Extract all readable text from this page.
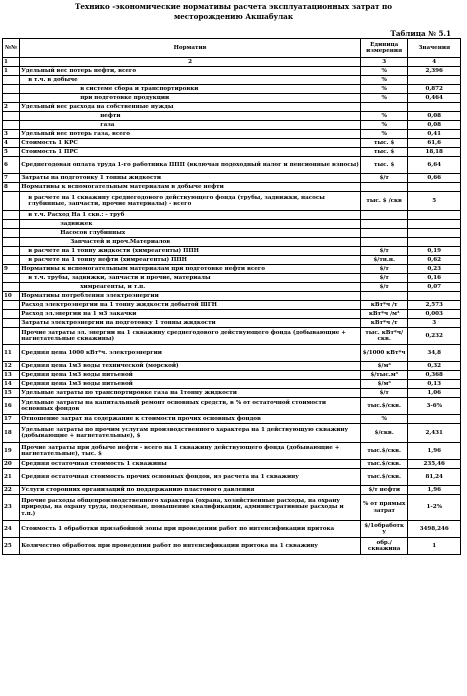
Технико -экономические нормативы расчета эксплуатационных затрат по
месторождению Акшабулак
Таблица № 5.1
№№	Норматив	Единица измерения	Значения
1	2	3	4
1	Удельный вес потерь нефти, всего	%	2,396
	в т.ч. в добыче	%	
	в системе сбора и транспортировки	%	0,872
	при подготовке продукции	%	0,464
2	Удельный вес расхода на собственные нужды		
	нефти	%	0,08
	газа	%	0,08
3	Удельный вес потерь газа, всего	%	0,41
4	Стоимость 1 КРС	тыс. $	61,6
5	Стоимость 1 ПРС	тыс. $	18,18
6	Среднегодовая оплата труда 1-го работника ППП (включая подоходный налог и пенсионные взносы)	тыс. $	6,64
7	Затраты на подготовку 1 тонны жидкости	$/т	0,66
8	Нормативы к вспомогательным материалам в добыче нефти		
	в расчете на 1 скважину среднегодового действующего фонда (трубы, задвижки, насосы глубинные, запчасти, прочие материалы) - всего	тыс. $ /скв	5
	в т.ч. Расход На 1 скв.: - труб		
	задвижек		
	Насосов глубинных		
	Запчастей и проч.Материалов		
	в расчете на 1 тонну жидкости (химреагенты) ППН	$/т	0,19
	в расчете на 1 тонну нефти (химреагенты) ППН	$/тн.н.	0,62
9	Нормативы к вспомогательным материалам при подготовке нефти всего	$/т	0,23
	в т.ч. трубы, задвижки, запчасти и прочие, материалы	$/т	0,16
	химреагенты, и т.п.	$/т	0,07
10	Нормативы потребления электроэнергии		
	Расход электроэнергии на 1 тонну жидкости добытой ШГН	кВт*ч /т	2,573
	Расход эл.энергии на 1 м3 закачки	кВт*ч /м³	0,003
	Затраты электроэнергии на подготовку 1 тонны жидкости	кВт*ч /т	3
	Прочие затраты эл. энергии на 1 скважину среднегодового действующего фонда (добывающие + нагнетательные скважины)	тыс. кВт*ч/скв.	0,232
11	Средняя цена 1000 кВт*ч. электроэнергии	$/1000 кВт*ч	34,8
12	Средняя цена 1м3 воды технической (морской)	$/м³	0,32
13	Средняя цена 1м3 воды питьевой	$/тыс.м³	0,368
14	Средняя цена 1м3 воды питьевой	$/м³	0,13
15	Удельные затраты по транспортировке газа на 1тонну жидкости	$/т	1,06
16	Удельные затраты на капитальный ремонт основных средств, в % от остаточной стоимости основных фондов	тыс.$/скв.	3-6%
17	Отношение затрат на содержание к стоимости прочих основных фондов	%	
18	Удельные затраты по прочим услугам производственного характера на 1 действующую скважину (добывающие + нагнетательные), $	$/скв.	2,431
19	Прочие затраты при добыче нефти - всего на 1 скважину действующего фонда (добывающие + нагнетательные), тыс. $	тыс.$/скв.	1,96
20	Средняя остаточная стоимость 1 скважины	тыс.$/скв.	235,46
21	Средняя остаточная стоимость прочих основных фондов, из расчета на 1 скважину	тыс.$/скв.	81,24
22	Услуги сторонних организаций по поддержанию пластового давления	$/т нефти	1,96
23	Прочие расходы общепроизводственного характера (охрана, хозяйственные расходы, на охрану природы, на охрану труда, подземные, повышение квалификации, административные расходы и т.п.)	% от прямых затрат	1-2%
24	Стоимость 1 обработки призабойной зоны при проведении работ по интенсификации притока	$/1обработк у	3498,246
25	Количество обработок при проведении работ по интенсификации притока на 1 скважину	обр./ скважина	1
